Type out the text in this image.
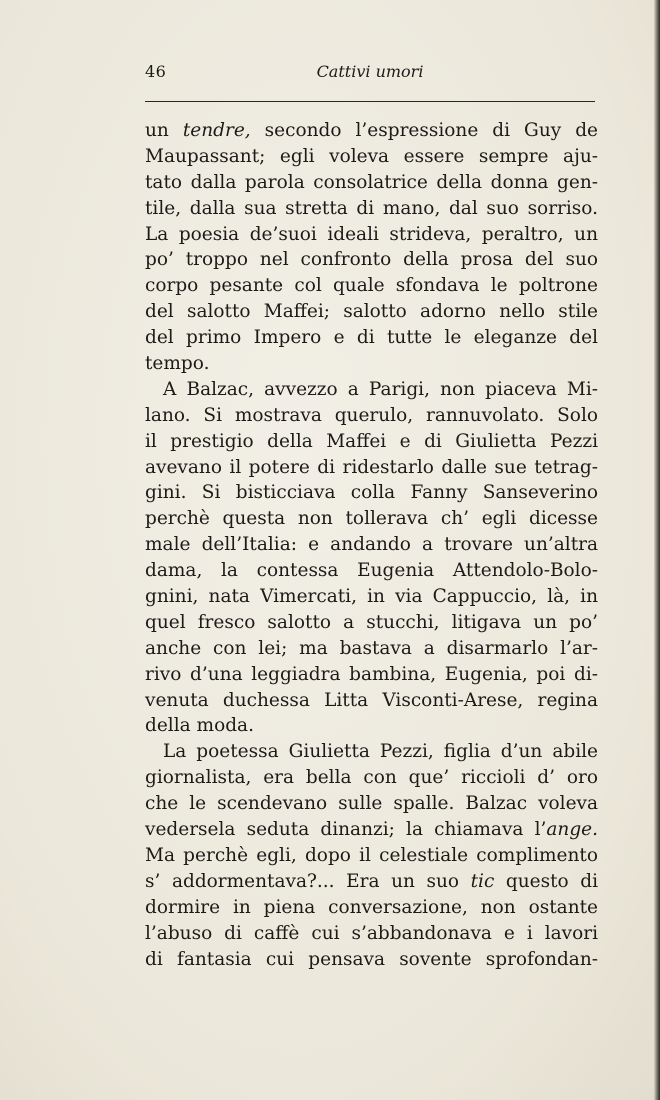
Cattivi umori
46
un tendre, secondo l’espressione di Guy de
Maupassant; egli voleva essere sempre aju-
tato dalla parola consolatrice della donna gen-
tile, dalla sua stretta di mano, dal suo sorriso.
La poesia de’suoi ideali strideva, peraltro, un
po’ troppo nel confronto della prosa del suo
corpo pesante col quale sfondava le poltrone
del salotto Maffei; salotto adorno nello stile
del primo Impero e di tutte le eleganze del
tempo.
A Balzac, avvezzo a Parigi, non piaceva Mi-
lano. Si mostrava querulo, rannuvolato. Solo
il prestigio della Maffei e di Giulietta Pezzi
avevano il potere di ridestarlo dalle sue tetrag-
gini. Si bisticciava colla Fanny Sanseverino
perchè questa non tollerava ch’ egli dicesse
male dell’Italia: e andando a trovare un’altra
dama, la contessa Eugenia Attendolo-Bolo-
gnini, nata Vimercati, in via Cappuccio, là, in
quel fresco salotto a stucchi, litigava un po’
anche con lei; ma bastava a disarmarlo l’ar-
rivo d’una leggiadra bambina, Eugenia, poi di-
venuta duchessa Litta Visconti-Arese, regina
della moda.
La poetessa Giulietta Pezzi, figlia d’un abile
giornalista, era bella con que’ riccioli d’ oro
che le scendevano sulle spalle. Balzac voleva
vedersela seduta dinanzi; la chiamava l’ange.
Ma perchè egli, dopo il celestiale complimento
s’ addormentava?... Era un suo tic questo di
dormire in piena conversazione, non ostante
l’abuso di caffè cui s’abbandonava e i lavori
di fantasia cui pensava sovente sprofondan-
